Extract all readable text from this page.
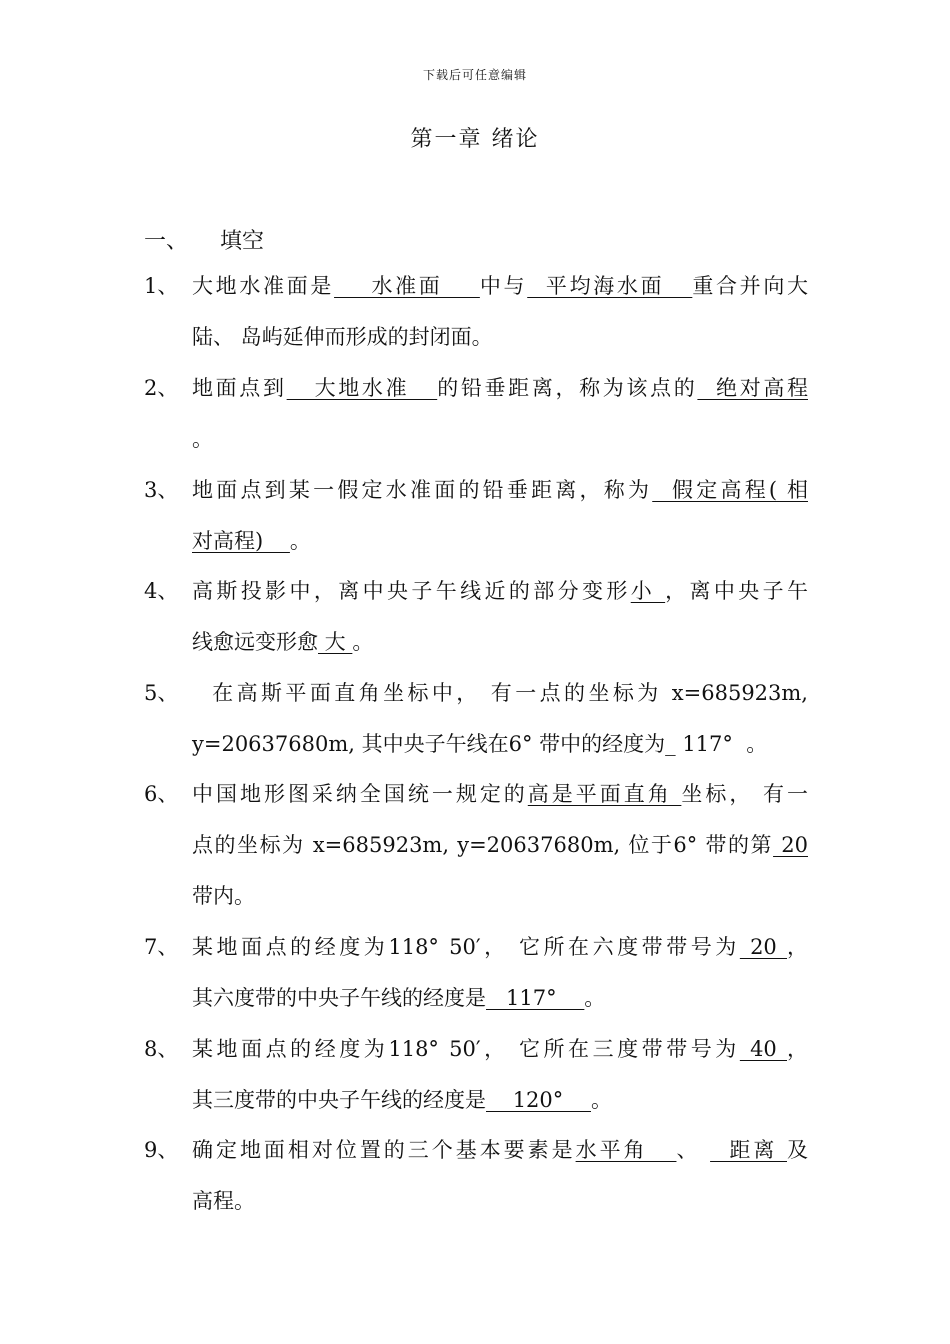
下载后可任意编辑
第一章 绪论
一、 填空
1、 大地水准面是    水准面    中与  平均海水面   重合并向大
陆、 岛屿延伸而形成的封闭面。
2、 地面点到   大地水准   的铅垂距离，称为该点的  绝对高程
。
3、 地面点到某一假定水准面的铅垂距离，称为  假定高程( 相
对高程)    。
4、 高斯投影中，离中央子午线近的部分变形小 ，离中央子午
线愈远变形愈 大 。
5、 在高斯平面直角坐标中， 有一点的坐标为 x=685923m,
y=20637680m, 其中央子午线在6° 带中的经度为_ 117°  。
6、 中国地形图采纳全国统一规定的高是平面直角 坐标， 有一
点的坐标为 x=685923m, y=20637680m, 位于6° 带的第 20
带内。
7、 某地面点的经度为118° 50′， 它所在六度带带号为 20 ，
其六度带的中央子午线的经度是   117° __。
8、 某地面点的经度为118° 50′， 它所在三度带带号为 40 ，
其三度带的中央子午线的经度是    120° __。
9、 确定地面相对位置的三个基本要素是水平角   、   距离 及
高程。
